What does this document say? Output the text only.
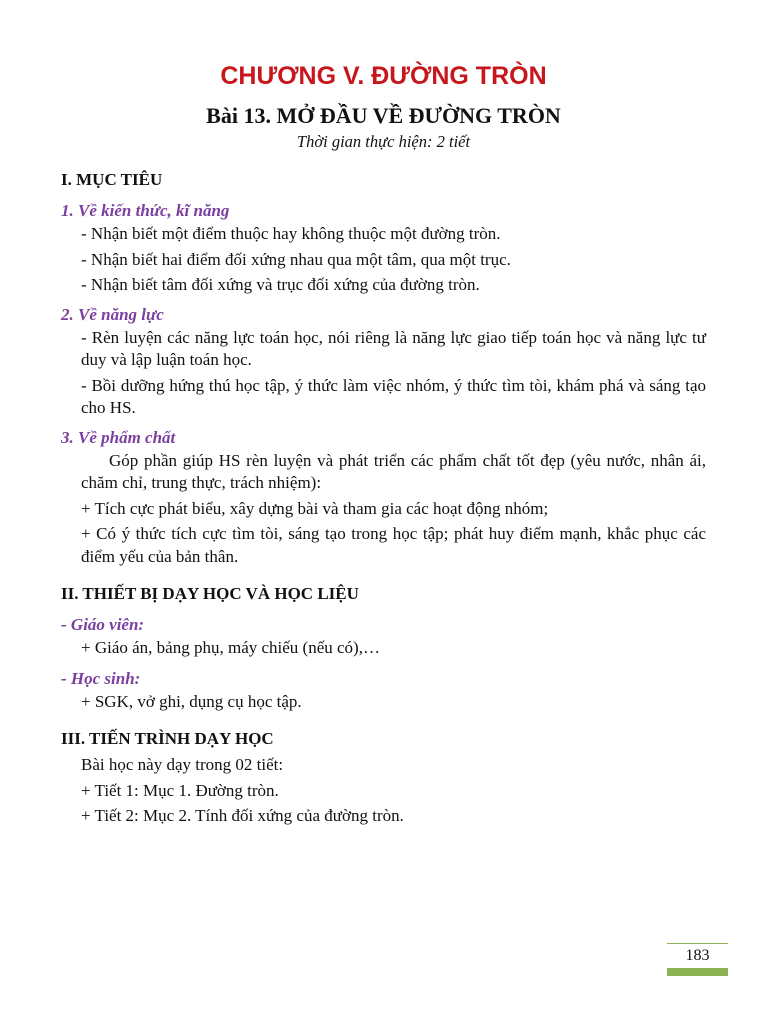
CHƯƠNG V. ĐƯỜNG TRÒN
Bài 13. MỞ ĐẦU VỀ ĐƯỜNG TRÒN

Thời gian thực hiện: 2 tiết

I. MỤC TIÊU
1. Về kiến thức, kĩ năng

- Nhận biết một điểm thuộc hay không thuộc một đường tròn.

- Nhận biết hai điểm đối xứng nhau qua một tâm, qua một trục.

- Nhận biết tâm đối xứng và trục đối xứng của đường tròn.

2. Về năng lực

- Rèn luyện các năng lực toán học, nói riêng là năng lực giao tiếp toán học và năng lực tư duy và lập luận toán học.

- Bồi dưỡng hứng thú học tập, ý thức làm việc nhóm, ý thức tìm tòi, khám phá và sáng tạo cho HS.

3. Về phẩm chất

Góp phần giúp HS rèn luyện và phát triển các phẩm chất tốt đẹp (yêu nước, nhân ái, chăm chỉ, trung thực, trách nhiệm):

+ Tích cực phát biểu, xây dựng bài và tham gia các hoạt động nhóm;

+ Có ý thức tích cực tìm tòi, sáng tạo trong học tập; phát huy điểm mạnh, khắc phục các điểm yếu của bản thân.

II. THIẾT BỊ DẠY HỌC VÀ HỌC LIỆU
- Giáo viên:

+ Giáo án, bảng phụ, máy chiếu (nếu có),…

- Học sinh:

+ SGK, vở ghi, dụng cụ học tập.

III. TIẾN TRÌNH DẠY HỌC

Bài học này dạy trong 02 tiết:

+ Tiết 1: Mục 1. Đường tròn.

+ Tiết 2: Mục 2. Tính đối xứng của đường tròn.

183
